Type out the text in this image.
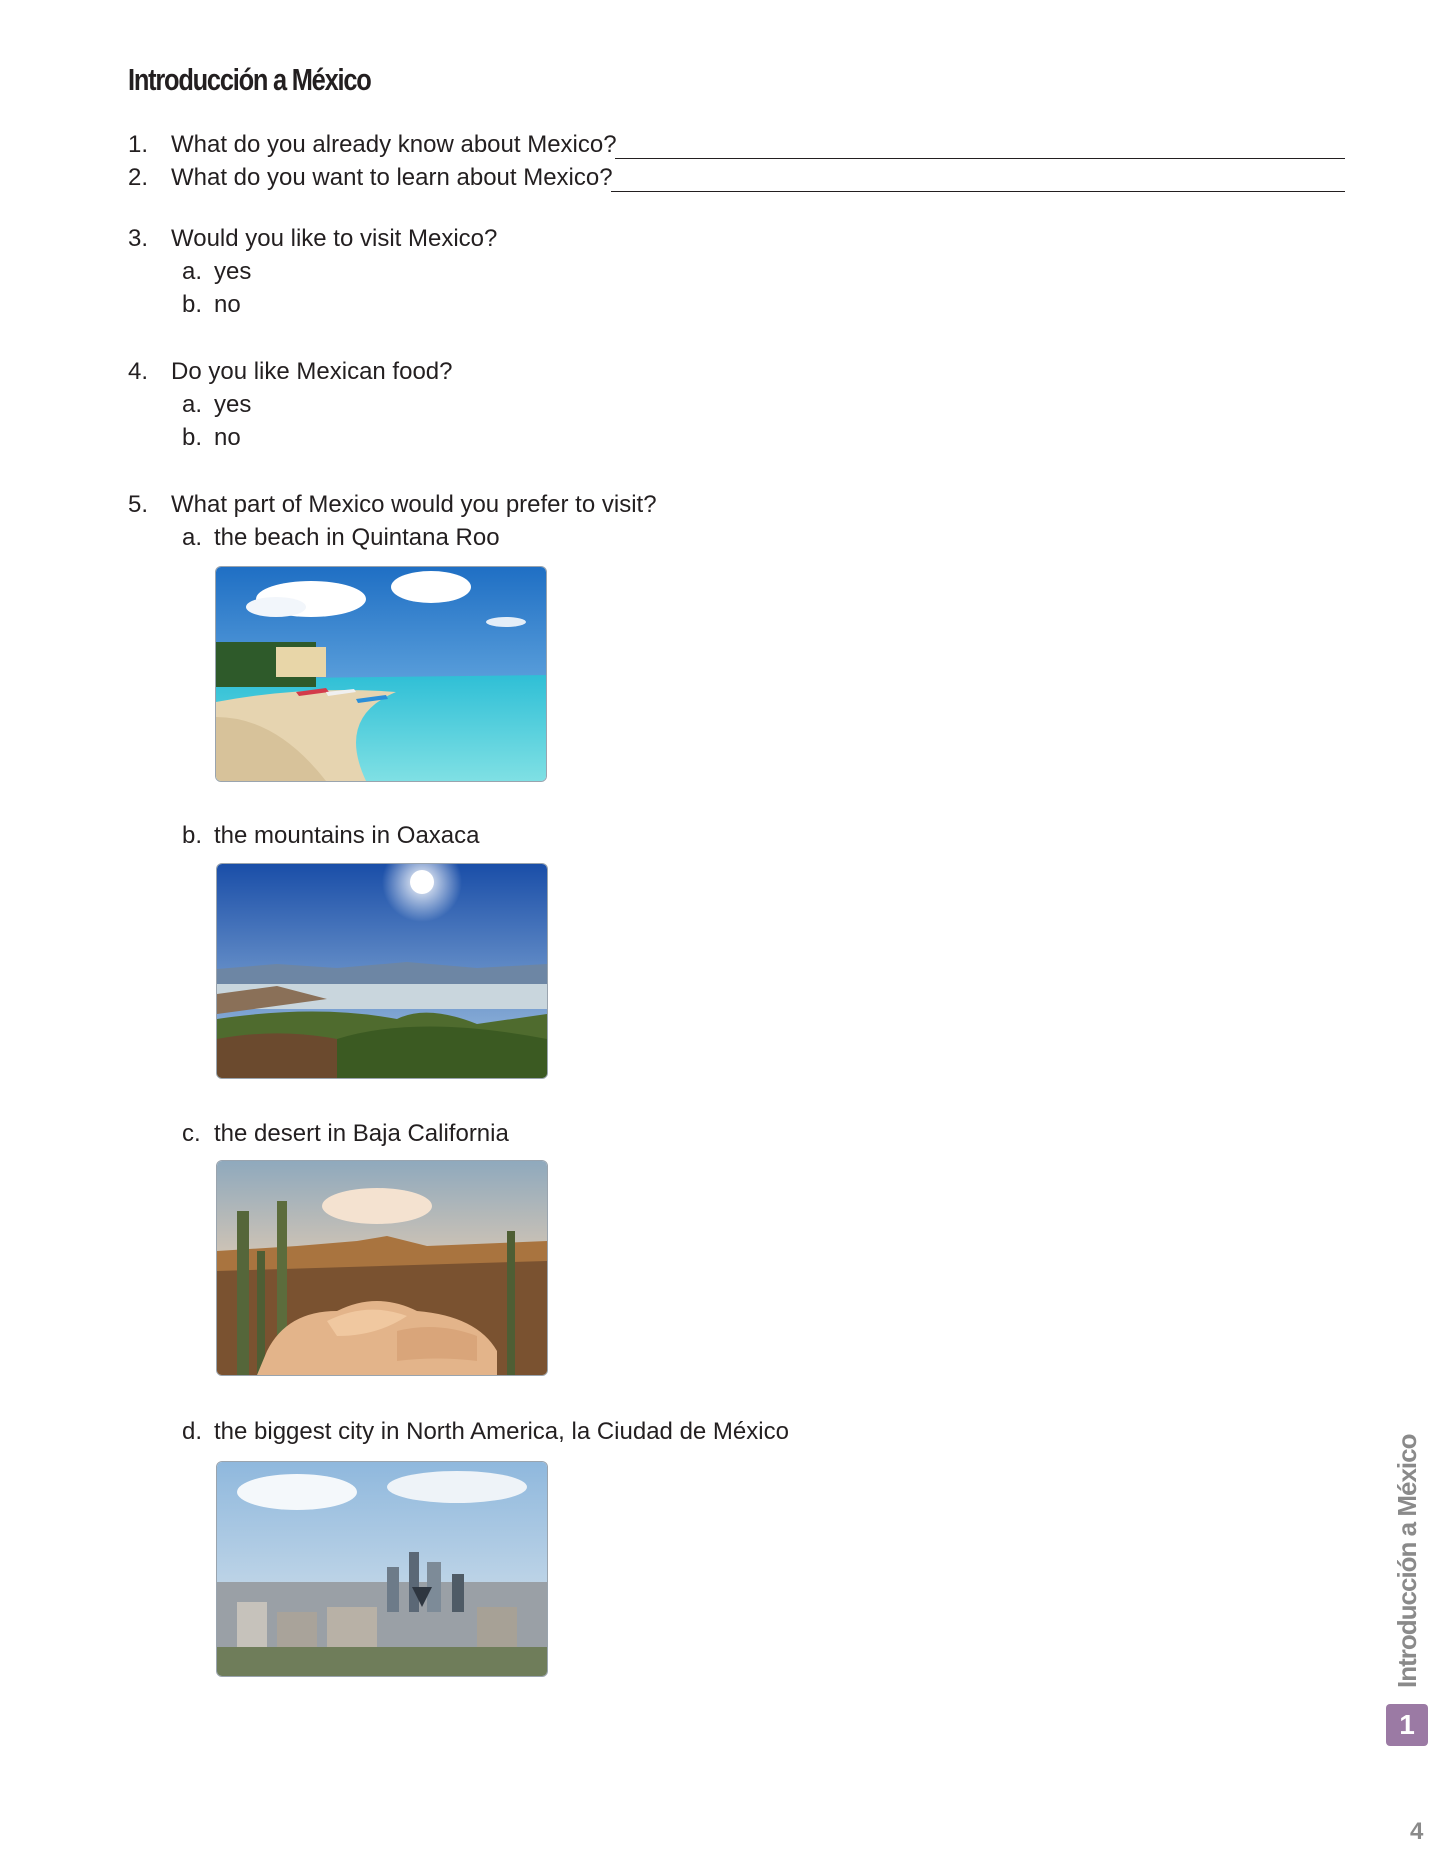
Introducción a México
1. What do you already know about Mexico?
2. What do you want to learn about Mexico?
3. Would you like to visit Mexico?
a. yes
b. no
4. Do you like Mexican food?
a. yes
b. no
5. What part of Mexico would you prefer to visit?
a. the beach in Quintana Roo
b. the mountains in Oaxaca
c. the desert in Baja California
d. the biggest city in North America, la Ciudad de México
Introducción a México
1
4
